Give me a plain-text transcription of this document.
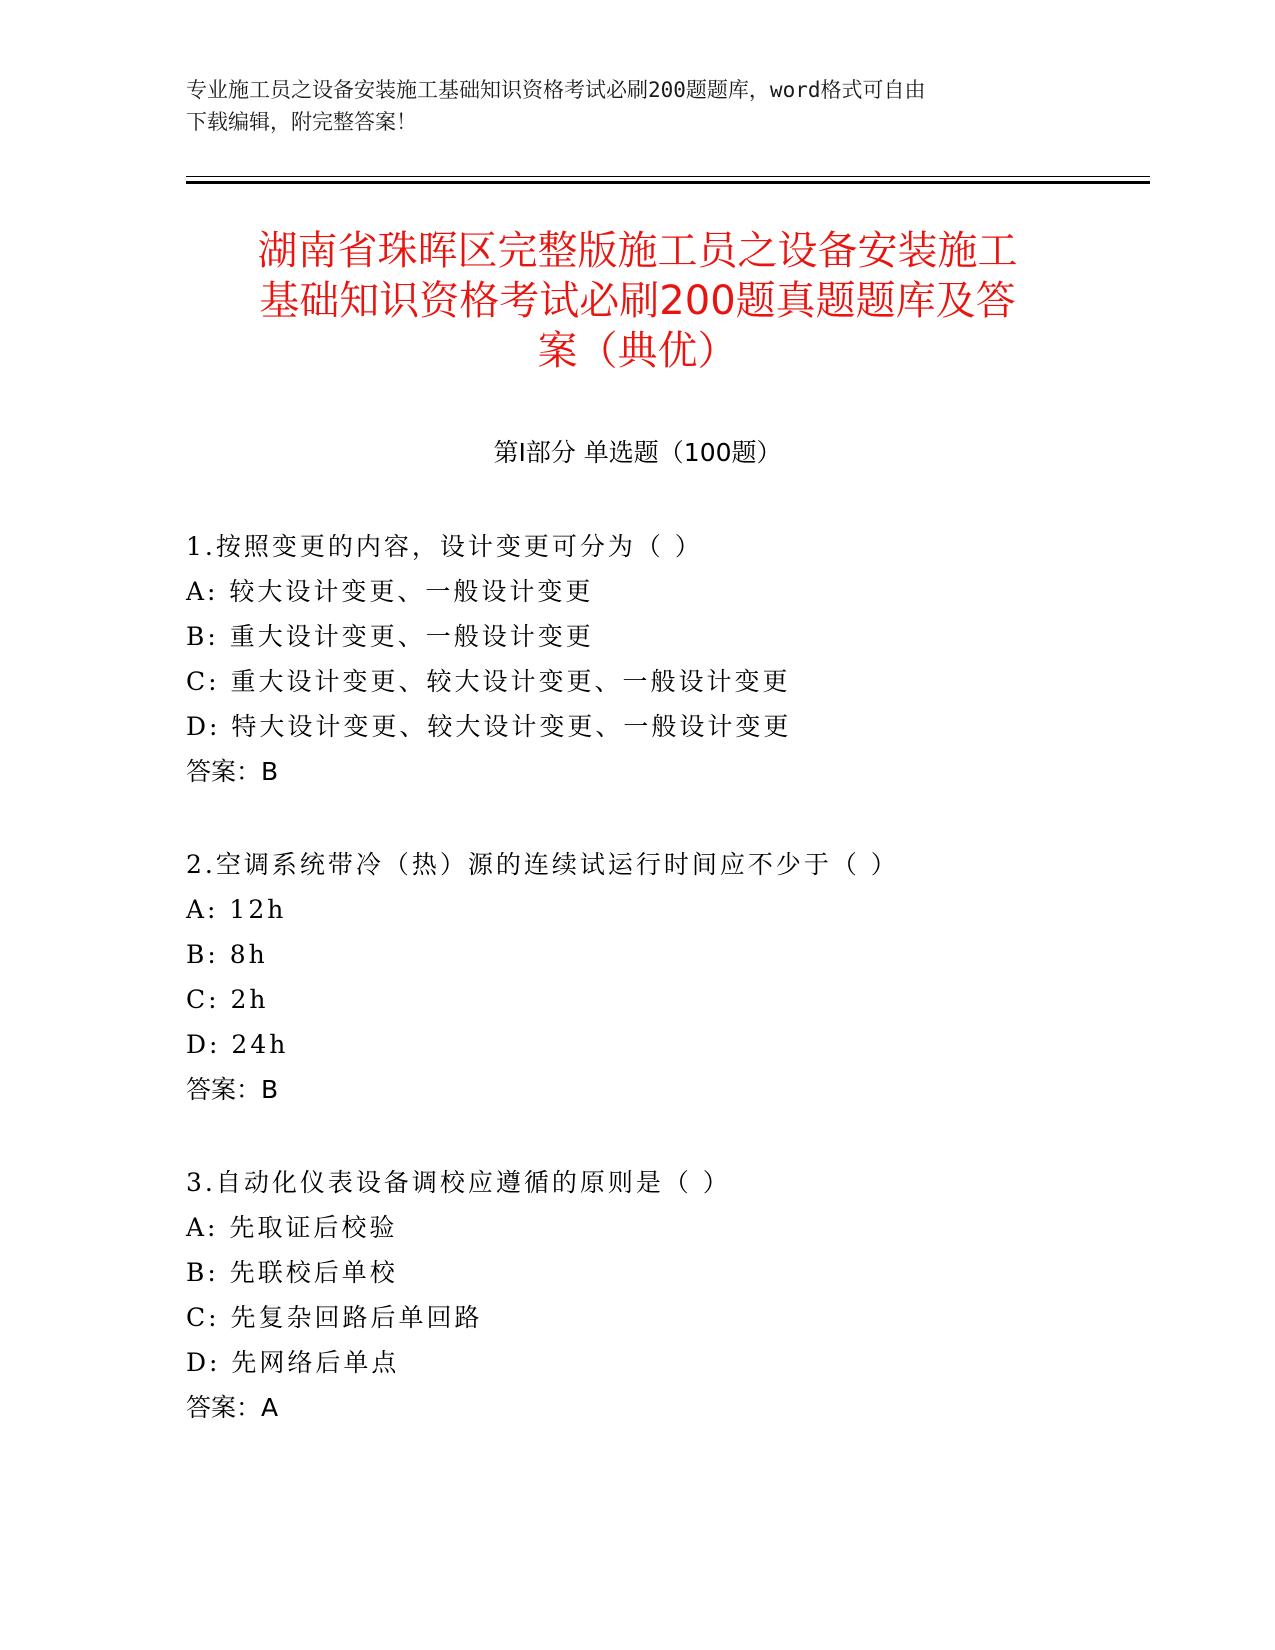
专业施工员之设备安装施工基础知识资格考试必刷200题题库，word格式可自由
下载编辑，附完整答案！
湖南省珠晖区完整版施工员之设备安装施工
基础知识资格考试必刷200题真题题库及答
案（典优）
第Ⅰ部分 单选题（100题）
1.按照变更的内容，设计变更可分为（ ）
A: 较大设计变更、一般设计变更
B: 重大设计变更、一般设计变更
C: 重大设计变更、较大设计变更、一般设计变更
D: 特大设计变更、较大设计变更、一般设计变更
答案：B
2.空调系统带冷（热）源的连续试运行时间应不少于（ ）
A: 12h
B: 8h
C: 2h
D: 24h
答案：B
3.自动化仪表设备调校应遵循的原则是（ ）
A: 先取证后校验
B: 先联校后单校
C: 先复杂回路后单回路
D: 先网络后单点
答案：A
